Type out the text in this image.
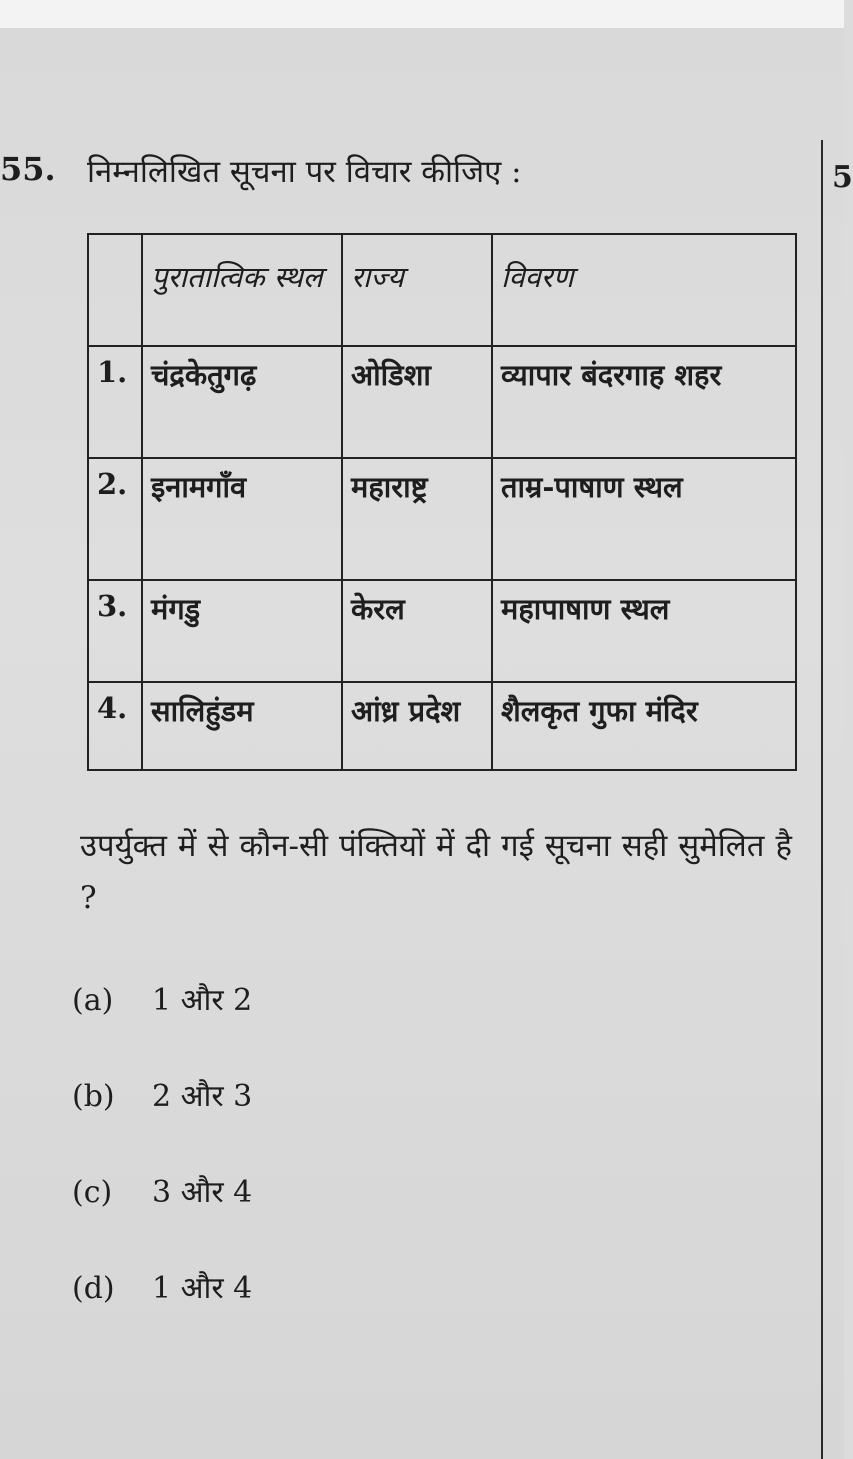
5
55. निम्नलिखित सूचना पर विचार कीजिए :
	पुरातात्विक स्थल	राज्य	विवरण
1.	चंद्रकेतुगढ़	ओडिशा	व्यापार बंदरगाह शहर
2.	इनामगाँव	महाराष्ट्र	ताम्र-पाषाण स्थल
3.	मंगडु	केरल	महापाषाण स्थल
4.	सालिहुंडम	आंध्र प्रदेश	शैलकृत गुफा मंदिर
उपर्युक्त में से कौन-सी पंक्तियों में दी गई सूचना सही सुमेलित है ?
(a) 1 और 2
(b) 2 और 3
(c) 3 और 4
(d) 1 और 4
